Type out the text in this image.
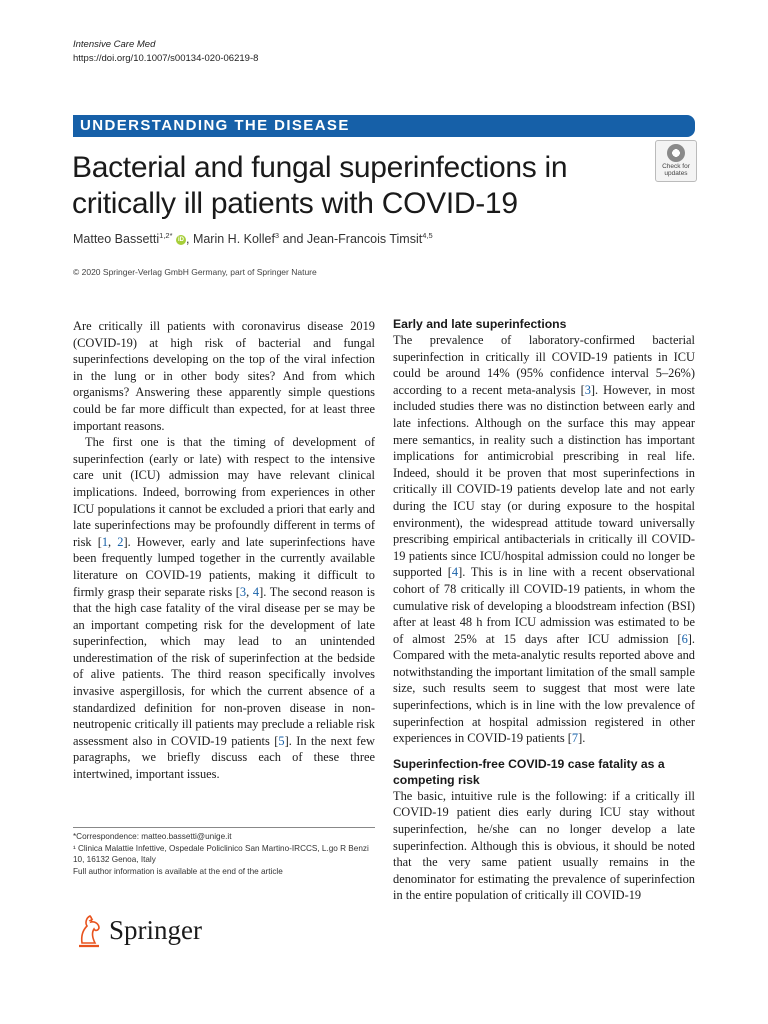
Intensive Care Med
https://doi.org/10.1007/s00134-020-06219-8
UNDERSTANDING THE DISEASE
Bacterial and fungal superinfections in critically ill patients with COVID-19
Check for
updates
Matteo Bassetti$^{1,2*}$ iD , Marin H. Kollef$^3$ and Jean-Francois Timsit$^{4,5}$
© 2020 Springer-Verlag GmbH Germany, part of Springer Nature

Are critically ill patients with coronavirus disease 2019 (COVID-19) at high risk of bacterial and fungal superinfections developing on the top of the viral infection in the lung or in other body sites? And from which organisms? Answering these apparently simple questions could be far more difficult than expected, for at least three important reasons.

The first one is that the timing of development of superinfection (early or late) with respect to the intensive care unit (ICU) admission may have relevant clinical implications. Indeed, borrowing from experiences in other ICU populations it cannot be excluded a priori that early and late superinfections may be profoundly different in terms of risk [1, 2]. However, early and late superinfections have been frequently lumped together in the currently available literature on COVID-19 patients, making it difficult to firmly grasp their separate risks [3, 4]. The second reason is that the high case fatality of the viral disease per se may be an important competing risk for the development of late superinfection, which may lead to an unintended underestimation of the risk of superinfection at the bedside of alive patients. The third reason specifically involves invasive aspergillosis, for which the current absence of a standardized definition for non-proven disease in non-neutropenic critically ill patients may preclude a reliable risk assessment also in COVID-19 patients [5]. In the next few paragraphs, we briefly discuss each of these three intertwined, important issues.

Early and late superinfections

The prevalence of laboratory-confirmed bacterial superinfection in critically ill COVID-19 patients in ICU could be around 14% (95% confidence interval 5–26%) according to a recent meta-analysis [3]. However, in most included studies there was no distinction between early and late infections. Although on the surface this may appear mere semantics, in reality such a distinction has important implications for antimicrobial prescribing in real life. Indeed, should it be proven that most superinfections in critically ill COVID-19 patients develop late and not early during the ICU stay (or during exposure to the hospital environment), the widespread attitude toward universally prescribing empirical antibacterials in critically ill COVID-19 patients since ICU/hospital admission could no longer be supported [4]. This is in line with a recent observational cohort of 78 critically ill COVID-19 patients, in whom the cumulative risk of developing a bloodstream infection (BSI) after at least 48 h from ICU admission was estimated to be of almost 25% at 15 days after ICU admission [6]. Compared with the meta-analytic results reported above and notwithstanding the important limitation of the small sample size, such results seem to suggest that most were late superinfections, which is in line with the low prevalence of superinfection at hospital admission registered in other experiences in COVID-19 patients [7].

Superinfection-free COVID-19 case fatality as a competing risk

The basic, intuitive rule is the following: if a critically ill COVID-19 patient dies early during ICU stay without superinfection, he/she can no longer develop a late superinfection. Although this is obvious, it should be noted that the very same patient usually remains in the denominator for estimating the prevalence of superinfection in the entire population of critically ill COVID-19

*Correspondence: matteo.bassetti@unige.it
¹ Clinica Malattie Infettive, Ospedale Policlinico San Martino-IRCCS, L.go R Benzi 10, 16132 Genoa, Italy
Full author information is available at the end of the article
Springer
